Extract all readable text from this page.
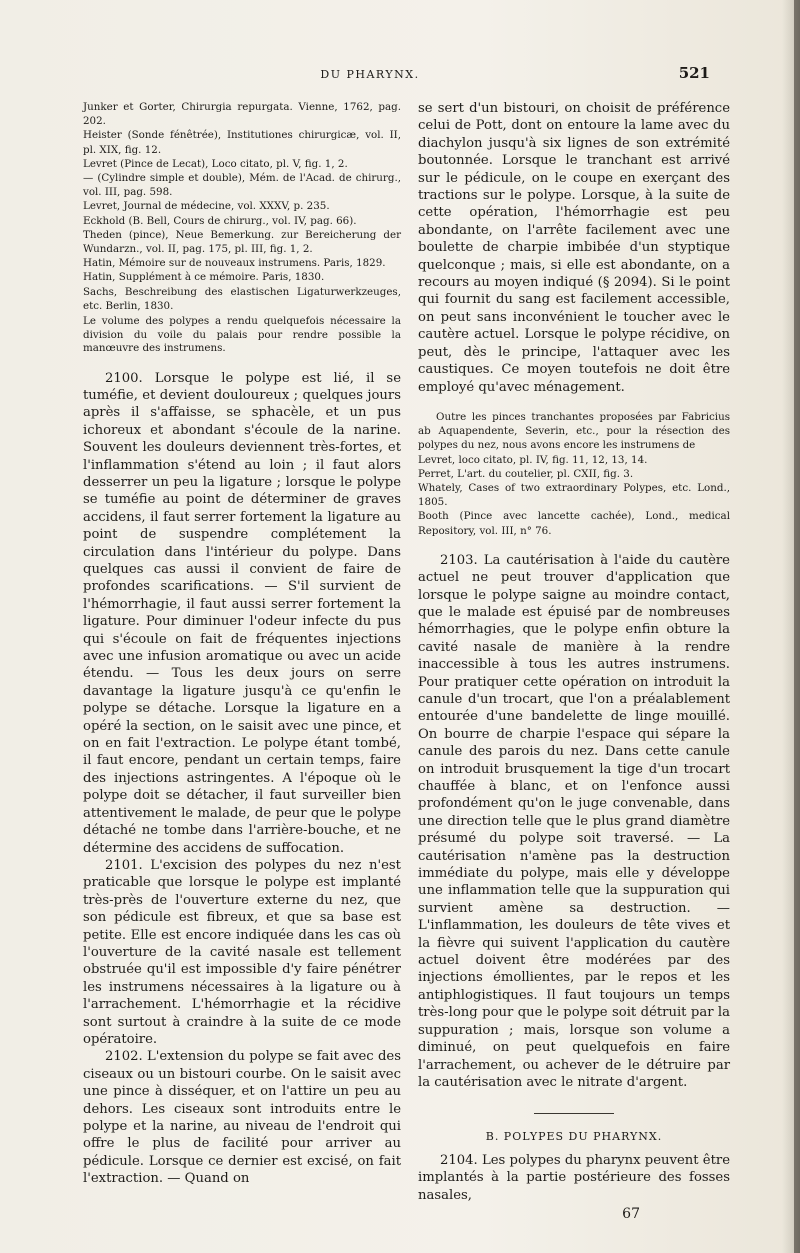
DU PHARYNX.	521

Junker et Gorter, Chirurgia repurgata. Vienne, 1762, pag. 202.

Heister (Sonde fénêtrée), Institutiones chirurgicæ, vol. II, pl. XIX, fig. 12.

Levret (Pince de Lecat), Loco citato, pl. V, fig. 1, 2.

— (Cylindre simple et double), Mém. de l'Acad. de chirurg., vol. III, pag. 598.

Levret, Journal de médecine, vol. XXXV, p. 235.

Eckhold (B. Bell, Cours de chirurg., vol. IV, pag. 66).

Theden (pince), Neue Bemerkung. zur Bereicherung der Wundarzn., vol. II, pag. 175, pl. III, fig. 1, 2.

Hatin, Mémoire sur de nouveaux instrumens. Paris, 1829.

Hatin, Supplément à ce mémoire. Paris, 1830.

Sachs, Beschreibung des elastischen Ligaturwerkzeuges, etc. Berlin, 1830.

Le volume des polypes a rendu quelquefois nécessaire la division du voile du palais pour rendre possible la manœuvre des instrumens.

2100. Lorsque le polype est lié, il se tuméfie, et devient douloureux ; quelques jours après il s'affaisse, se sphacèle, et un pus ichoreux et abondant s'écoule de la narine. Souvent les douleurs deviennent très-fortes, et l'inflammation s'étend au loin ; il faut alors desserrer un peu la ligature ; lorsque le polype se tuméfie au point de déterminer de graves accidens, il faut serrer fortement la ligature au point de suspendre complétement la circulation dans l'intérieur du polype. Dans quelques cas aussi il convient de faire de profondes scarifications. — S'il survient de l'hémorrhagie, il faut aussi serrer fortement la ligature. Pour diminuer l'odeur infecte du pus qui s'écoule on fait de fréquentes injections avec une infusion aromatique ou avec un acide étendu. — Tous les deux jours on serre davantage la ligature jusqu'à ce qu'enfin le polype se détache. Lorsque la ligature en a opéré la section, on le saisit avec une pince, et on en fait l'extraction. Le polype étant tombé, il faut encore, pendant un certain temps, faire des injections astringentes. A l'époque où le polype doit se détacher, il faut surveiller bien attentivement le malade, de peur que le polype détaché ne tombe dans l'arrière-bouche, et ne détermine des accidens de suffocation.

2101. L'excision des polypes du nez n'est praticable que lorsque le polype est implanté très-près de l'ouverture externe du nez, que son pédicule est fibreux, et que sa base est petite. Elle est encore indiquée dans les cas où l'ouverture de la cavité nasale est tellement obstruée qu'il est impossible d'y faire pénétrer les instrumens nécessaires à la ligature ou à l'arrachement. L'hémorrhagie et la récidive sont surtout à craindre à la suite de ce mode opératoire.

2102. L'extension du polype se fait avec des ciseaux ou un bistouri courbe. On le saisit avec une pince à disséquer, et on l'attire un peu au dehors. Les ciseaux sont introduits entre le polype et la narine, au niveau de l'endroit qui offre le plus de facilité pour arriver au pédicule. Lorsque ce dernier est excisé, on fait l'extraction. — Quand on

se sert d'un bistouri, on choisit de préférence celui de Pott, dont on entoure la lame avec du diachylon jusqu'à six lignes de son extrémité boutonnée. Lorsque le tranchant est arrivé sur le pédicule, on le coupe en exerçant des tractions sur le polype. Lorsque, à la suite de cette opération, l'hémorrhagie est peu abondante, on l'arrête facilement avec une boulette de charpie imbibée d'un styptique quelconque ; mais, si elle est abondante, on a recours au moyen indiqué (§ 2094). Si le point qui fournit du sang est facilement accessible, on peut sans inconvénient le toucher avec le cautère actuel. Lorsque le polype récidive, on peut, dès le principe, l'attaquer avec les caustiques. Ce moyen toutefois ne doit être employé qu'avec ménagement.

Outre les pinces tranchantes proposées par Fabricius ab Aquapendente, Severin, etc., pour la résection des polypes du nez, nous avons encore les instrumens de

Levret, loco citato, pl. IV, fig. 11, 12, 13, 14.

Perret, L'art. du coutelier, pl. CXII, fig. 3.

Whately, Cases of two extraordinary Polypes, etc. Lond., 1805.

Booth (Pince avec lancette cachée), Lond., medical Repository, vol. III, n° 76.

2103. La cautérisation à l'aide du cautère actuel ne peut trouver d'application que lorsque le polype saigne au moindre contact, que le malade est épuisé par de nombreuses hémorrhagies, que le polype enfin obture la cavité nasale de manière à la rendre inaccessible à tous les autres instrumens. Pour pratiquer cette opération on introduit la canule d'un trocart, que l'on a préalablement entourée d'une bandelette de linge mouillé. On bourre de charpie l'espace qui sépare la canule des parois du nez. Dans cette canule on introduit brusquement la tige d'un trocart chauffée à blanc, et on l'enfonce aussi profondément qu'on le juge convenable, dans une direction telle que le plus grand diamètre présumé du polype soit traversé. — La cautérisation n'amène pas la destruction immédiate du polype, mais elle y développe une inflammation telle que la suppuration qui survient amène sa destruction. — L'inflammation, les douleurs de tête vives et la fièvre qui suivent l'application du cautère actuel doivent être modérées par des injections émollientes, par le repos et les antiphlogistiques. Il faut toujours un temps très-long pour que le polype soit détruit par la suppuration ; mais, lorsque son volume a diminué, on peut quelquefois en faire l'arrachement, ou achever de le détruire par la cautérisation avec le nitrate d'argent.

B. POLYPES DU PHARYNX.

2104. Les polypes du pharynx peuvent être implantés à la partie postérieure des fosses nasales,

67
